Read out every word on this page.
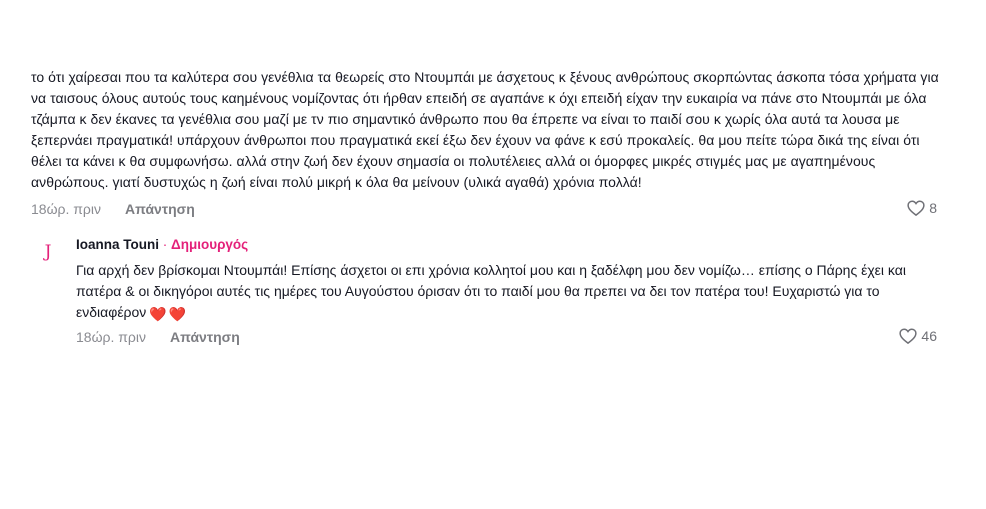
το ότι χαίρεσαι που τα καλύτερα σου γενέθλια τα θεωρείς στο Ντουμπάι με άσχετους κ ξένους ανθρώπους σκορπώντας άσκοπα τόσα χρήματα για να ταισους όλους αυτούς τους καημένους νομίζοντας ότι ήρθαν επειδή σε αγαπάνε κ όχι επειδή είχαν την ευκαιρία να πάνε στο Ντουμπάι με όλα τζάμπα κ δεν έκανες τα γενέθλια σου μαζί με τν πιο σημαντικό άνθρωπο που θα έπρεπε να είναι το παιδί σου κ χωρίς όλα αυτά τα λουσα με ξεπερνάει πραγματικά! υπάρχουν άνθρωποι που πραγματικά εκεί έξω δεν έχουν να φάνε κ εσύ προκαλείς. θα μου πείτε τώρα δικά της είναι ότι θέλει τα κάνει κ θα συμφωνήσω. αλλά στην ζωή δεν έχουν σημασία οι πολυτέλειες αλλά οι όμορφες μικρές στιγμές μας με αγαπημένους ανθρώπους. γιατί δυστυχώς η ζωή είναι πολύ μικρή κ όλα θα μείνουν (υλικά αγαθά) χρόνια πολλά!

18ώρ. πριν Απάντηση	8
J	Ioanna Touni · Δημιουργός

Για αρχή δεν βρίσκομαι Ντουμπάι! Επίσης άσχετοι οι επι χρόνια κολλητοί μου και η ξαδέλφη μου δεν νομίζω… επίσης ο Πάρης έχει και πατέρα & οι δικηγόροι αυτές τις ημέρες του Αυγούστου όρισαν ότι το παιδί μου θα πρεπει να δει τον πατέρα του! Ευχαριστώ για το ενδιαφέρον ❤️ ❤️

18ώρ. πριν Απάντηση	46
